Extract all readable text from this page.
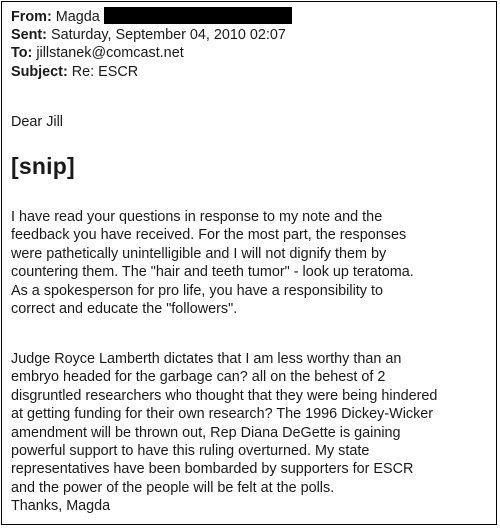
From: Magda
Sent: Saturday, September 04, 2010 02:07
To: jillstanek@comcast.net
Subject: Re: ESCR
Dear Jill
[snip]
I have read your questions in response to my note and the
feedback you have received. For the most part, the responses
were pathetically unintelligible and I will not dignify them by
countering them. The "hair and teeth tumor" - look up teratoma.
As a spokesperson for pro life, you have a responsibility to
correct and educate the "followers".
Judge Royce Lamberth dictates that I am less worthy than an
embryo headed for the garbage can? all on the behest of 2
disgruntled researchers who thought that they were being hindered
at getting funding for their own research? The 1996 Dickey-Wicker
amendment will be thrown out, Rep Diana DeGette is gaining
powerful support to have this ruling overturned. My state
representatives have been bombarded by supporters for ESCR
and the power of the people will be felt at the polls.
Thanks, Magda
